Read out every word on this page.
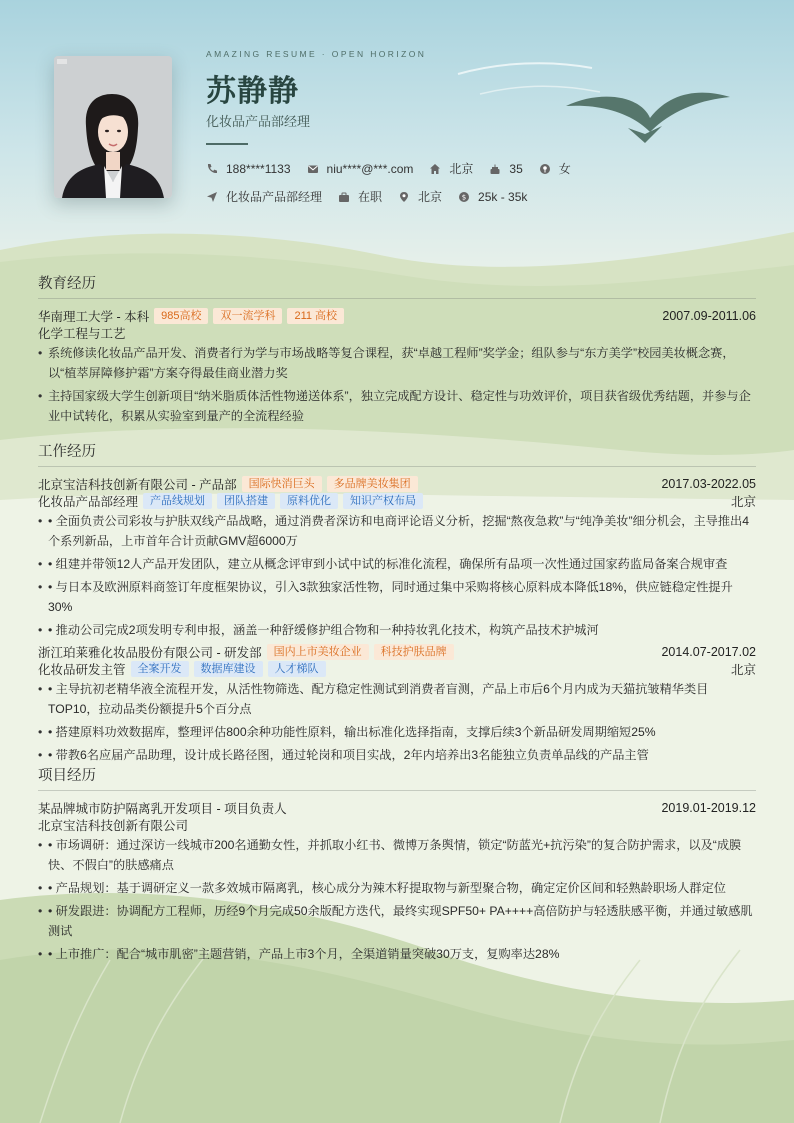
AMAZING RESUME · OPEN HORIZON
苏静静
化妆品产品部经理
188****1133	niu****@***.com	北京	35	女
化妆品产品部经理	在职	北京	$ 25k - 35k
教育经历
华南理工大学 - 本科	985高校	双一流学科	211 高校	2007.09-2011.06
化学工程与工艺
• 系统修读化妆品产品开发、消费者行为学与市场战略等复合课程，获“卓越工程师”奖学金；组队参与“东方美学”校园美妆概念赛，以“植萃屏障修护霜”方案夺得最佳商业潜力奖
• 主持国家级大学生创新项目“纳米脂质体活性物递送体系”，独立完成配方设计、稳定性与功效评价，项目获省级优秀结题，并参与企业中试转化，积累从实验室到量产的全流程经验
工作经历
北京宝洁科技创新有限公司 - 产品部	国际快消巨头	多品牌美妆集团	2017.03-2022.05
化妆品产品部经理	产品线规划	团队搭建	原料优化	知识产权布局	北京
• • 全面负责公司彩妆与护肤双线产品战略，通过消费者深访和电商评论语义分析，挖掘“熬夜急救”与“纯净美妆”细分机会，主导推出4个系列新品，上市首年合计贡献GMV超6000万
• • 组建并带领12人产品开发团队，建立从概念评审到小试中试的标准化流程，确保所有品项一次性通过国家药监局备案合规审查
• • 与日本及欧洲原料商签订年度框架协议，引入3款独家活性物，同时通过集中采购将核心原料成本降低18%，供应链稳定性提升30%
• • 推动公司完成2项发明专利申报，涵盖一种舒缓修护组合物和一种持妆乳化技术，构筑产品技术护城河
浙江珀莱雅化妆品股份有限公司 - 研发部	国内上市美妆企业	科技护肤品牌	2014.07-2017.02
化妆品研发主管	全案开发	数据库建设	人才梯队	北京
• • 主导抗初老精华液全流程开发，从活性物筛选、配方稳定性测试到消费者盲测，产品上市后6个月内成为天猫抗皱精华类目TOP10，拉动品类份额提升5个百分点
• • 搭建原料功效数据库，整理评估800余种功能性原料，输出标准化选择指南，支撑后续3个新品研发周期缩短25%
• • 带教6名应届产品助理，设计成长路径图，通过轮岗和项目实战，2年内培养出3名能独立负责单品线的产品主管
项目经历
某品牌城市防护隔离乳开发项目 - 项目负责人	2019.01-2019.12
北京宝洁科技创新有限公司
• • 市场调研：通过深访一线城市200名通勤女性，并抓取小红书、微博万条舆情，锁定“防蓝光+抗污染”的复合防护需求，以及“成膜快、不假白”的肤感痛点
• • 产品规划：基于调研定义一款多效城市隔离乳，核心成分为辣木籽提取物与新型聚合物，确定定价区间和轻熟龄职场人群定位
• • 研发跟进：协调配方工程师，历经9个月完成50余版配方迭代，最终实现SPF50+ PA++++高倍防护与轻透肤感平衡，并通过敏感肌测试
• • 上市推广：配合“城市肌密”主题营销，产品上市3个月，全渠道销量突破30万支，复购率达28%
